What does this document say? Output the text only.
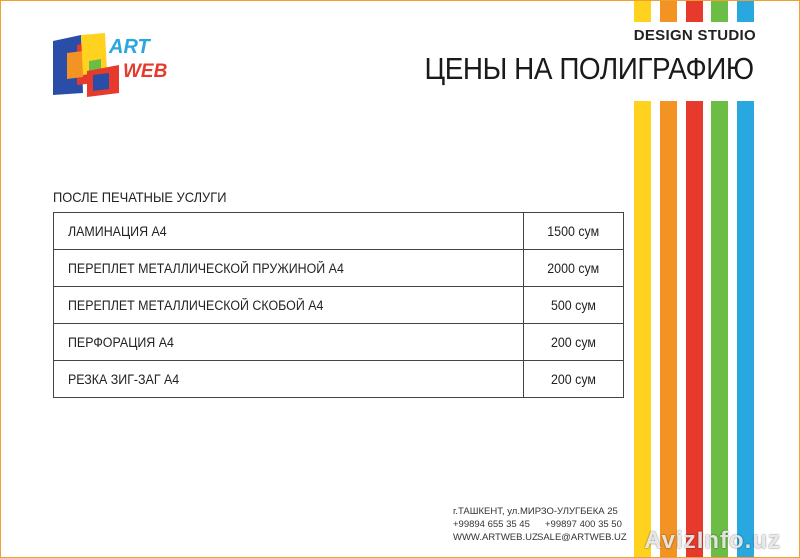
DESIGN STUDIO
ЦЕНЫ НА ПОЛИГРАФИЮ
ART
WEB
ПОСЛЕ ПЕЧАТНЫЕ УСЛУГИ
ЛАМИНАЦИЯ А4	1500 сум
ПЕРЕПЛЕТ МЕТАЛЛИЧЕСКОЙ ПРУЖИНОЙ А4	2000 сум
ПЕРЕПЛЕТ МЕТАЛЛИЧЕСКОЙ СКОБОЙ А4	500 сум
ПЕРФОРАЦИЯ А4	200 сум
РЕЗКА ЗИГ-ЗАГ А4	200 сум
г.ТАШКЕНТ, ул.МИРЗО-УЛУГБЕКА 25
+99894 655 35 45 +99897 400 35 50
WWW.ARTWEB.UZSALE@ARTWEB.UZ AvizInfo.uz
